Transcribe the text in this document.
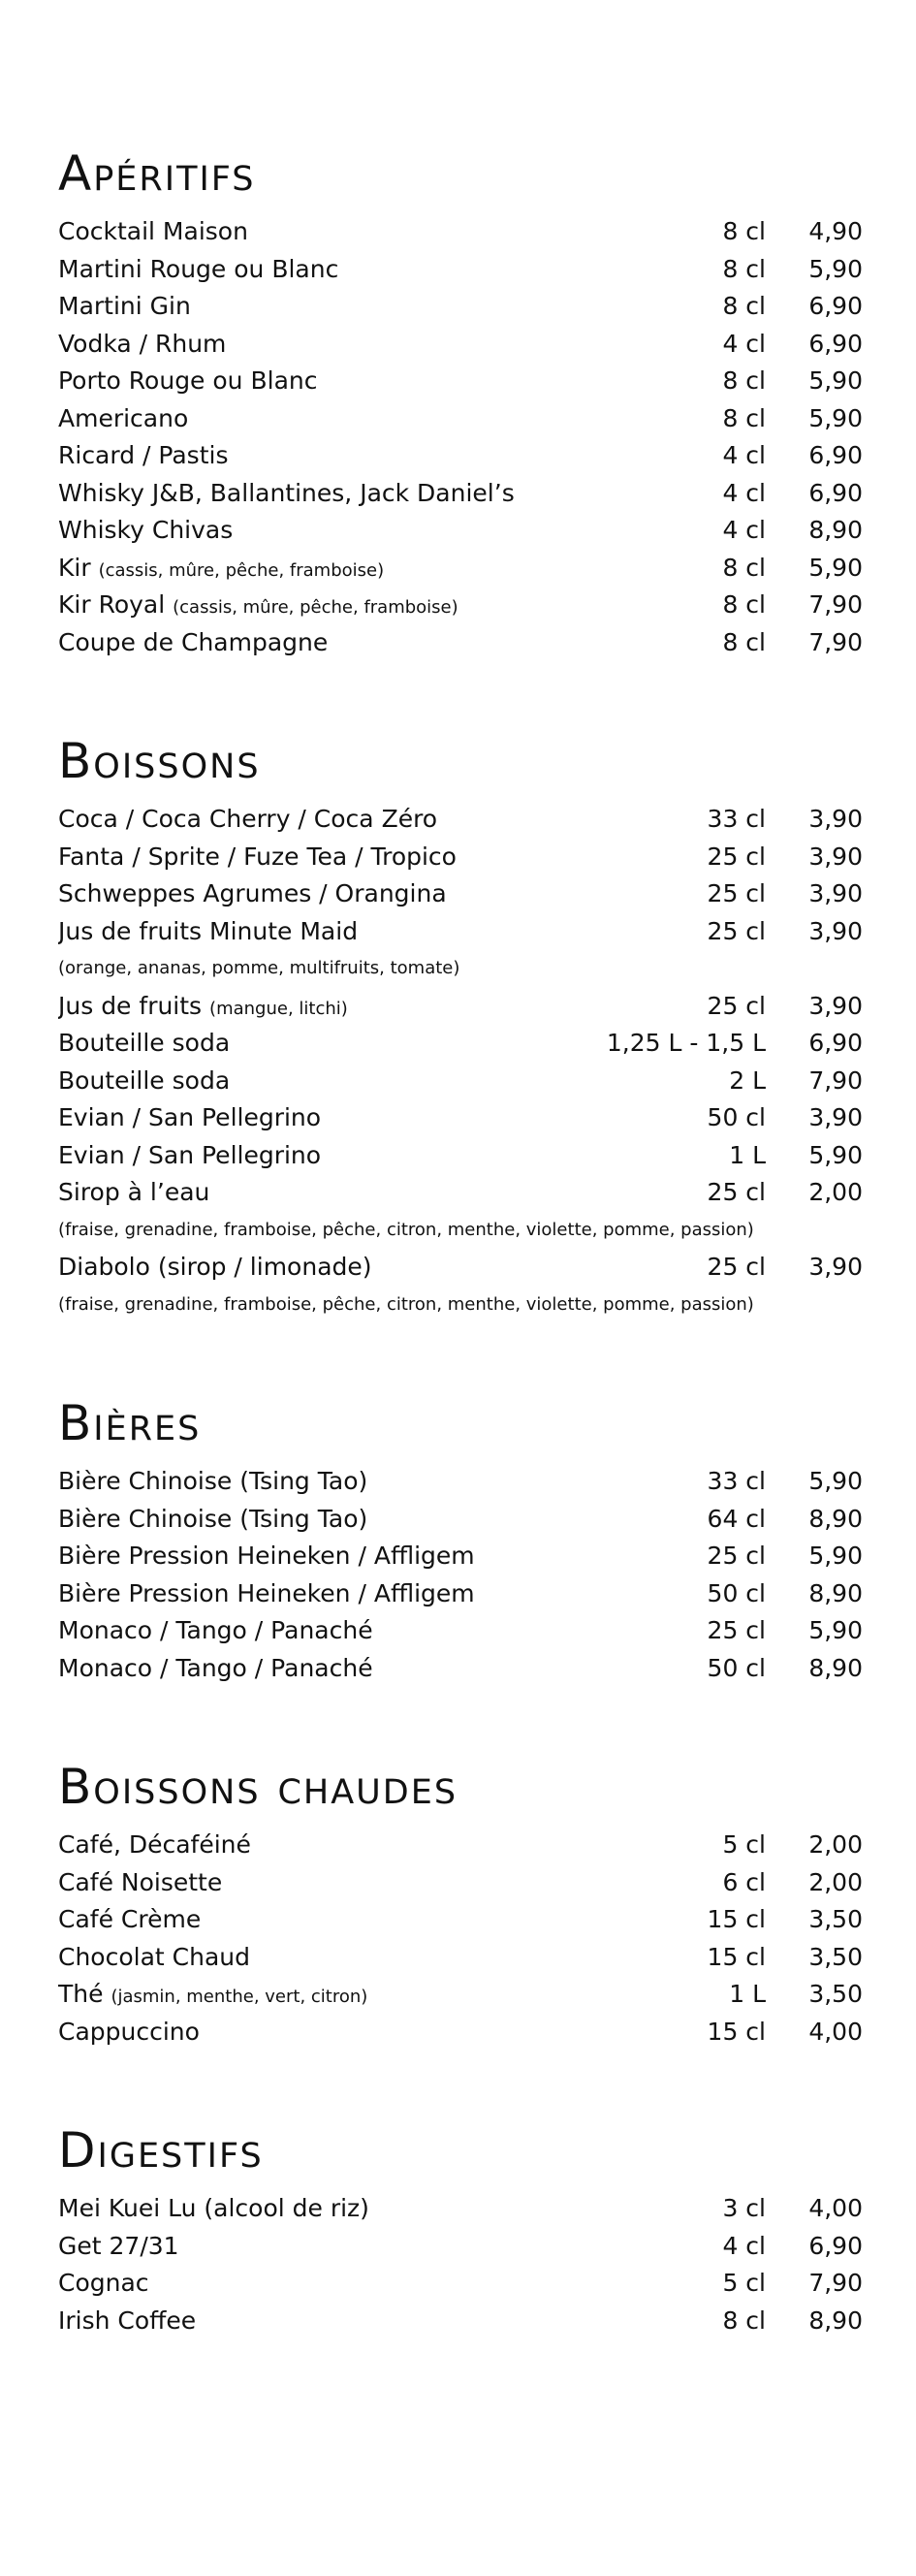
Apéritifs
Cocktail Maison	8 cl	4,90
Martini Rouge ou Blanc	8 cl	5,90
Martini Gin	8 cl	6,90
Vodka / Rhum	4 cl	6,90
Porto Rouge ou Blanc	8 cl	5,90
Americano	8 cl	5,90
Ricard / Pastis	4 cl	6,90
Whisky J&B, Ballantines, Jack Daniel’s	4 cl	6,90
Whisky Chivas	4 cl	8,90
Kir (cassis, mûre, pêche, framboise)	8 cl	5,90
Kir Royal (cassis, mûre, pêche, framboise)	8 cl	7,90
Coupe de Champagne	8 cl	7,90
Boissons
Coca / Coca Cherry / Coca Zéro	33 cl	3,90
Fanta / Sprite / Fuze Tea / Tropico	25 cl	3,90
Schweppes Agrumes / Orangina	25 cl	3,90
Jus de fruits Minute Maid	25 cl	3,90
(orange, ananas, pomme, multifruits, tomate)
Jus de fruits (mangue, litchi)	25 cl	3,90
Bouteille soda	1,25 L - 1,5 L	6,90
Bouteille soda	2 L	7,90
Evian / San Pellegrino	50 cl	3,90
Evian / San Pellegrino	1 L	5,90
Sirop à l’eau	25 cl	2,00
(fraise, grenadine, framboise, pêche, citron, menthe, violette, pomme, passion)
Diabolo (sirop / limonade)	25 cl	3,90
(fraise, grenadine, framboise, pêche, citron, menthe, violette, pomme, passion)
Bières
Bière Chinoise (Tsing Tao)	33 cl	5,90
Bière Chinoise (Tsing Tao)	64 cl	8,90
Bière Pression Heineken / Affligem	25 cl	5,90
Bière Pression Heineken / Affligem	50 cl	8,90
Monaco / Tango / Panaché	25 cl	5,90
Monaco / Tango / Panaché	50 cl	8,90
Boissons chaudes
Café, Décaféiné	5 cl	2,00
Café Noisette	6 cl	2,00
Café Crème	15 cl	3,50
Chocolat Chaud	15 cl	3,50
Thé (jasmin, menthe, vert, citron)	1 L	3,50
Cappuccino	15 cl	4,00
Digestifs
Mei Kuei Lu (alcool de riz)	3 cl	4,00
Get 27/31	4 cl	6,90
Cognac	5 cl	7,90
Irish Coffee	8 cl	8,90
